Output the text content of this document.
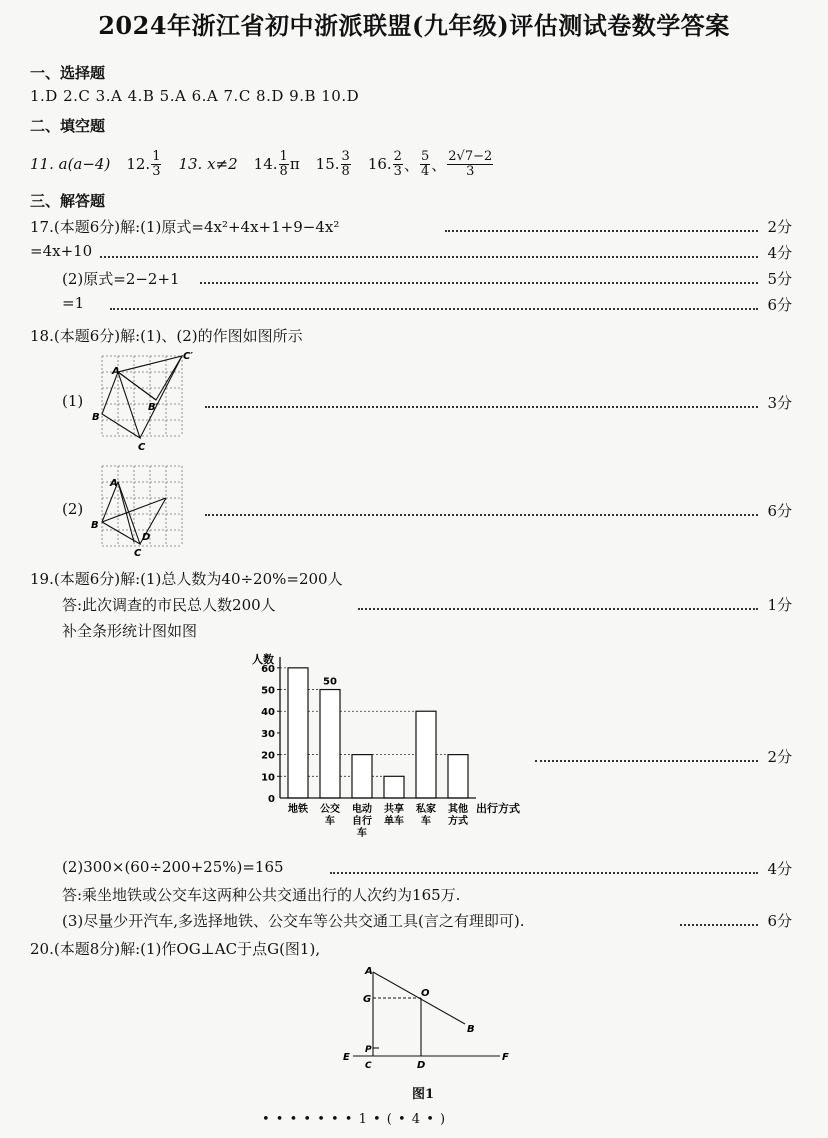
2024年浙江省初中浙派联盟(九年级)评估测试卷数学答案
一、选择题
1.D 2.C 3.A 4.B 5.A 6.A 7.C 8.D 9.B 10.D
二、填空题
11. a(a−4) 12. $\frac{1}{3} 13$. x≠2 14. $\frac{1}{8}$ π 15. $\frac{3}{8} 16$. $\frac{2}{3}$ 、 $\frac{5}{4}$ 、 $\frac{2√7-2}{3}$
三、解答题
17.(本题6分)解:(1)原式=4x²+4x+1+9−4x²	2分
=4x+10	4分
(2)原式=2−2+1	5分
=1	6分
18.(本题6分)解:(1)、(2)的作图如图所示
(1)
A
B
C
B′
C′
3分
(2)
A
B
C
D
6分
19.(本题6分)解:(1)总人数为40÷20%=200人
答:此次调查的市民总人数200人	1分
补全条形统计图如图
人数
出行方式
0
10
20
30
40
50
60
地铁
50
公交
车
电动
自行
车
共享
单车
私家
车
其他
方式
2分
(2)300×(60÷200+25%)=165	4分
答:乘坐地铁或公交车这两种公共交通出行的人次约为165万.
(3)尽量少开汽车,多选择地铁、公交车等公共交通工具(言之有理即可).	6分
20.(本题8分)解:(1)作OG⊥AC于点G(图1),
A
G
O
B
E
P
C	D
F
图1
• • • • • • • 1 • ( • 4 • )
